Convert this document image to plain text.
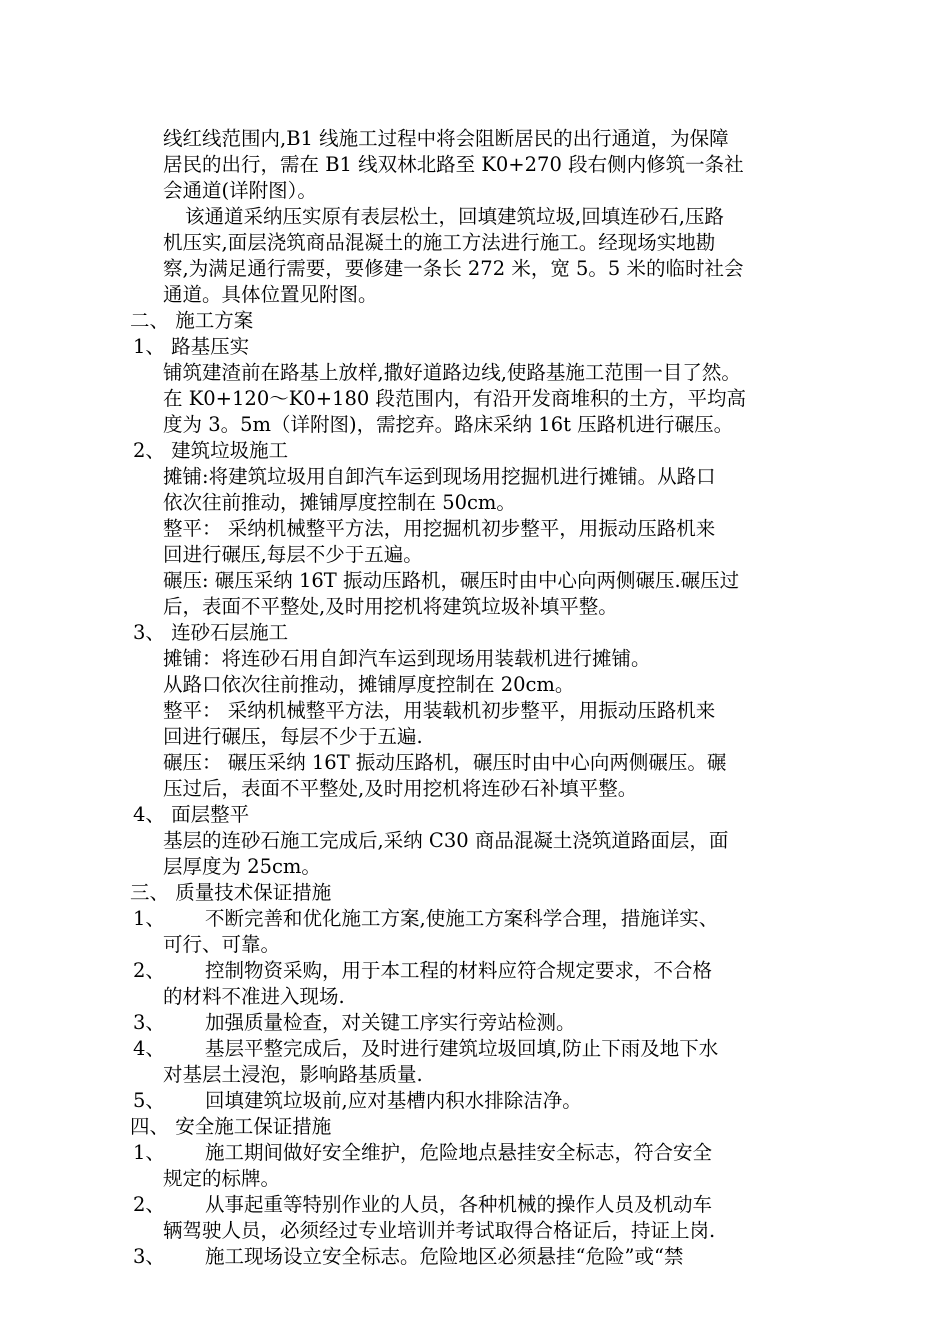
线红线范围内,B1 线施工过程中将会阻断居民的出行通道，为保障

居民的出行，需在 B1 线双林北路至 K0+270 段右侧内修筑一条社

会通道(详附图）。

该通道采纳压实原有表层松土，回填建筑垃圾,回填连砂石,压路

机压实,面层浇筑商品混凝土的施工方法进行施工。经现场实地勘

察,为满足通行需要，要修建一条长 272 米，宽 5。5 米的临时社会

通道。具体位置见附图。

二、 施工方案

1、 路基压实

铺筑建渣前在路基上放样,撒好道路边线,使路基施工范围一目了然。

在 K0+120～K0+180 段范围内，有沿开发商堆积的土方，平均高

度为 3。5m（详附图)，需挖弃。路床采纳 16t 压路机进行碾压。

2、 建筑垃圾施工

摊铺:将建筑垃圾用自卸汽车运到现场用挖掘机进行摊铺。从路口

依次往前推动，摊铺厚度控制在 50cm。

整平： 采纳机械整平方法，用挖掘机初步整平，用振动压路机来

回进行碾压,每层不少于五遍。

碾压: 碾压采纳 16T 振动压路机，碾压时由中心向两侧碾压.碾压过

后，表面不平整处,及时用挖机将建筑垃圾补填平整。

3、 连砂石层施工

摊铺：将连砂石用自卸汽车运到现场用装载机进行摊铺。

从路口依次往前推动，摊铺厚度控制在 20cm。

整平： 采纳机械整平方法，用装载机初步整平，用振动压路机来

回进行碾压，每层不少于五遍.

碾压： 碾压采纳 16T 振动压路机，碾压时由中心向两侧碾压。碾

压过后，表面不平整处,及时用挖机将连砂石补填平整。

4、 面层整平

基层的连砂石施工完成后,采纳 C30 商品混凝土浇筑道路面层，面

层厚度为 25cm。

三、 质量技术保证措施

1、 不断完善和优化施工方案,使施工方案科学合理，措施详实、

可行、可靠。

2、 控制物资采购，用于本工程的材料应符合规定要求，不合格

的材料不准进入现场.

3、 加强质量检查，对关键工序实行旁站检测。

4、 基层平整完成后，及时进行建筑垃圾回填,防止下雨及地下水

对基层土浸泡，影响路基质量.

5、 回填建筑垃圾前,应对基槽内积水排除洁净。

四、 安全施工保证措施

1、 施工期间做好安全维护，危险地点悬挂安全标志，符合安全

规定的标牌。

2、 从事起重等特别作业的人员，各种机械的操作人员及机动车

辆驾驶人员，必须经过专业培训并考试取得合格证后，持证上岗.

3、 施工现场设立安全标志。危险地区必须悬挂“危险”或“禁
